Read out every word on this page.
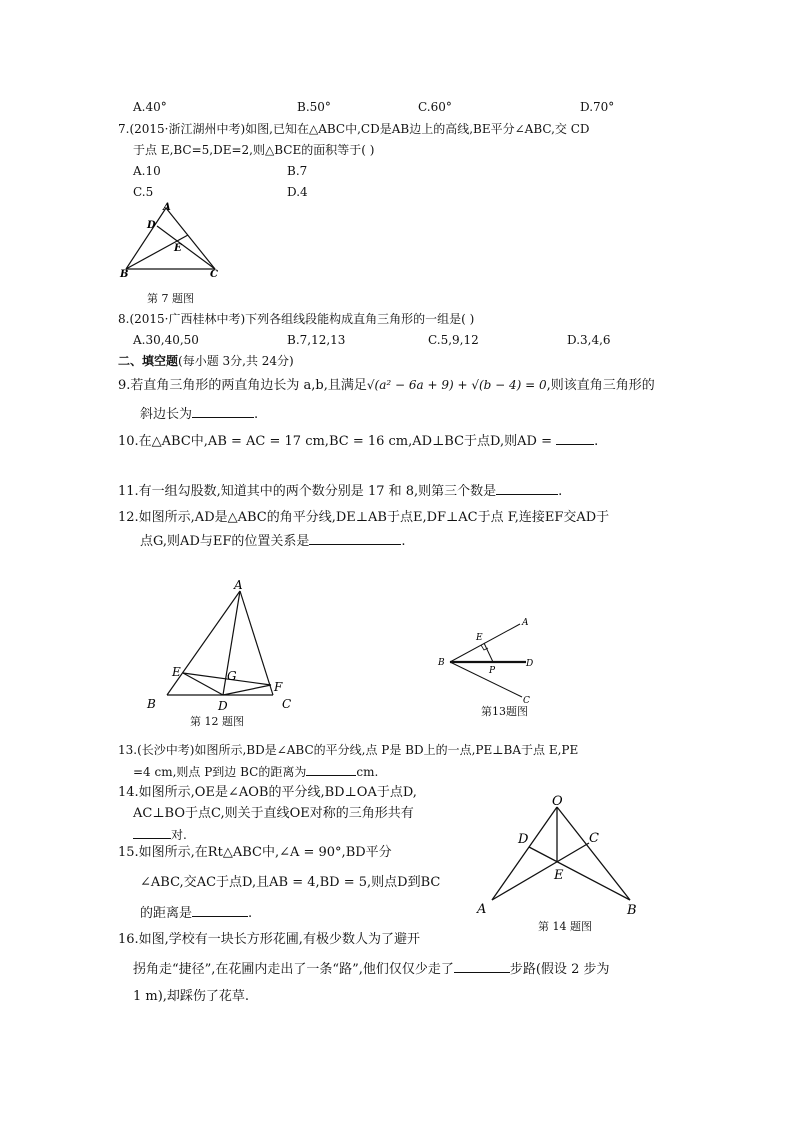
A.40°	B.50°	C.60°	D.70°
7.(2015·浙江湖州中考)如图,已知在△ABC中,CD是AB边上的高线,BE平分∠ABC,交 CD
于点 E,BC=5,DE=2,则△BCE的面积等于( )
A.10	B.7
C.5	D.4
A
D
E
B	C
第 7 题图
8.(2015·广西桂林中考)下列各组线段能构成直角三角形的一组是( )
A.30,40,50	B.7,12,13	C.5,9,12	D.3,4,6
二、填空题(每小题 3分,共 24分)
9.若直角三角形的两直角边长为 a,b,且满足√(a² − 6a + 9) + √(b − 4) = 0,则该直角三角形的
斜边长为	.
10.在△ABC中,AB = AC = 17 cm,BC = 16 cm,AD⊥BC于点D,则AD =	.
11.有一组勾股数,知道其中的两个数分别是 17 和 8,则第三个数是	.
12.如图所示,AD是△ABC的角平分线,DE⊥AB于点E,DF⊥AC于点 F,连接EF交AD于
点G,则AD与EF的位置关系是	.
A
E	G
F
B	D	C
第 12 题图
A
E
B
P
D
C
第13题图
13.(长沙中考)如图所示,BD是∠ABC的平分线,点 P是 BD上的一点,PE⊥BA于点 E,PE
=4 cm,则点 P到边 BC的距离为	cm.
14.如图所示,OE是∠AOB的平分线,BD⊥OA于点D,
AC⊥BO于点C,则关于直线OE对称的三角形共有
对.
O
D	C
E
A	B
第 14 题图
15.如图所示,在Rt△ABC中,∠A = 90°,BD平分
∠ABC,交AC于点D,且AB = 4,BD = 5,则点D到BC
的距离是	.
16.如图,学校有一块长方形花圃,有极少数人为了避开
拐角走“捷径”,在花圃内走出了一条“路”,他们仅仅少走了	步路(假设 2 步为
1 m),却踩伤了花草.
